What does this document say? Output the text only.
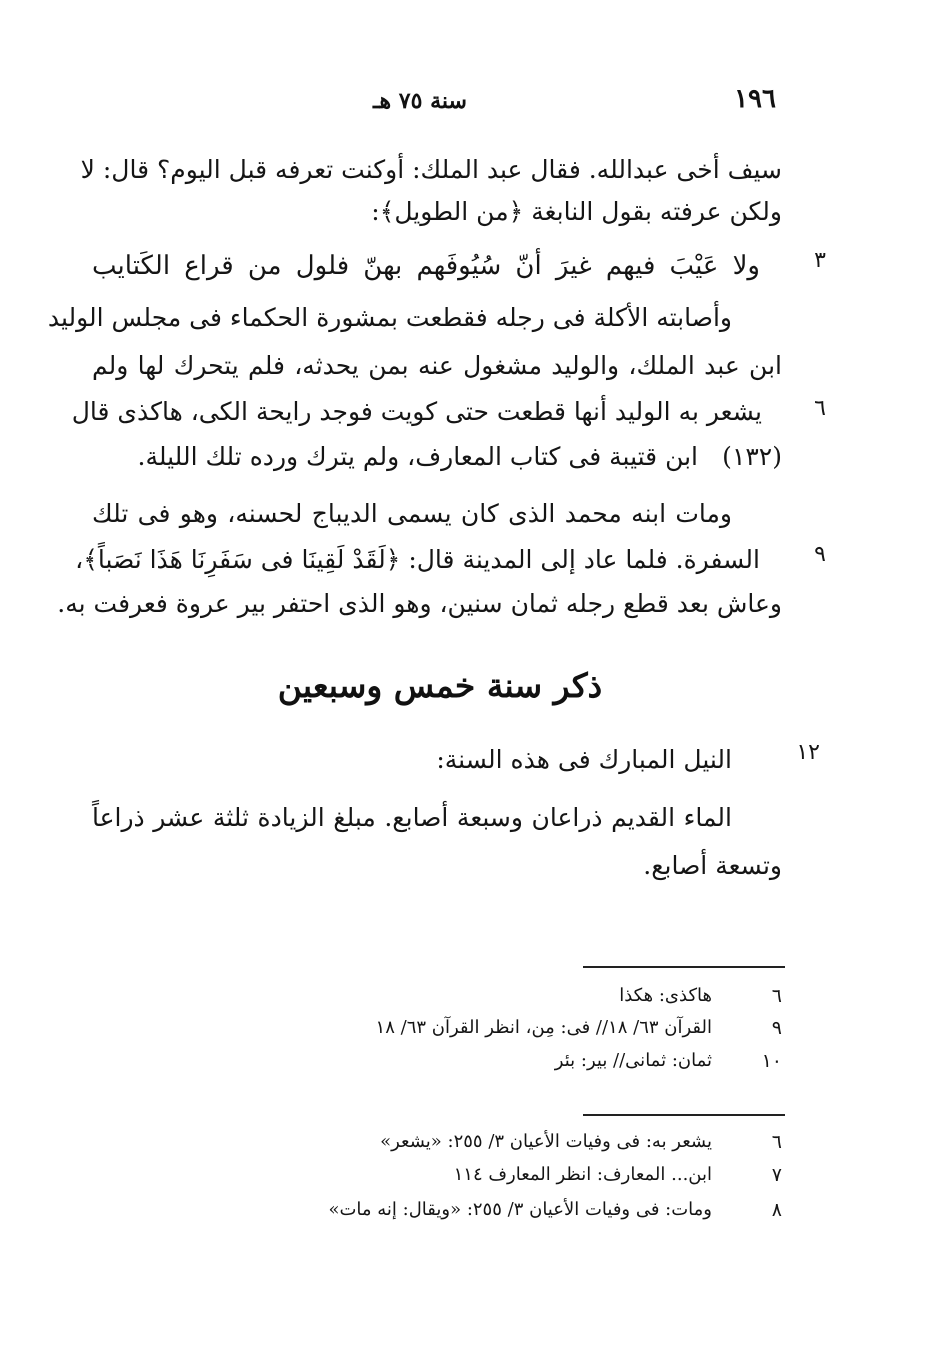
١٩٦
سنة ٧٥ هـ
سيف أخى عبدالله. فقال عبد الملك: أوكنت تعرفه قبل اليوم؟ قال: لا
ولكن عرفته بقول النابغة ﴿من الطويل﴾:
٣
ولا عَيْبَ فيهم غيرَ أنّ سُيُوفَهم بهنّ فلول من قراع الكَتايب
وأصابته الأكلة فى رجله فقطعت بمشورة الحكماء فى مجلس الوليد
ابن عبد الملك، والوليد مشغول عنه بمن يحدثه، فلم يتحرك لها ولم
٦
يشعر به الوليد أنها قطعت حتى كويت فوجد رايحة الكى، هاكذى قال
(١٣٢)
ابن قتيبة فى كتاب المعارف، ولم يترك ورده تلك الليلة.
ومات ابنه محمد الذى كان يسمى الديباج لحسنه، وهو فى تلك
٩
السفرة. فلما عاد إلى المدينة قال: ﴿لَقَدْ لَقِينَا فى سَفَرِنَا هَذَا نَصَباً﴾،
وعاش بعد قطع رجله ثمان سنين، وهو الذى احتفر بير عروة فعرفت به.
ذكر سنة خمس وسبعين
١٢
النيل المبارك فى هذه السنة:
الماء القديم ذراعان وسبعة أصابع. مبلغ الزيادة ثلثة عشر ذراعاً
وتسعة أصابع.
٦
هاكذى: هكذا
٩
القرآن ٦٣/ ١٨// فى: مِن، انظر القرآن ٦٣/ ١٨
١٠
ثمان: ثمانى// بير: بئر
٦
يشعر به: فى وفيات الأعيان ٣/ ٢٥٥: «يشعر»
٧
ابن... المعارف: انظر المعارف ١١٤
٨
ومات: فى وفيات الأعيان ٣/ ٢٥٥: «ويقال: إنه مات»
